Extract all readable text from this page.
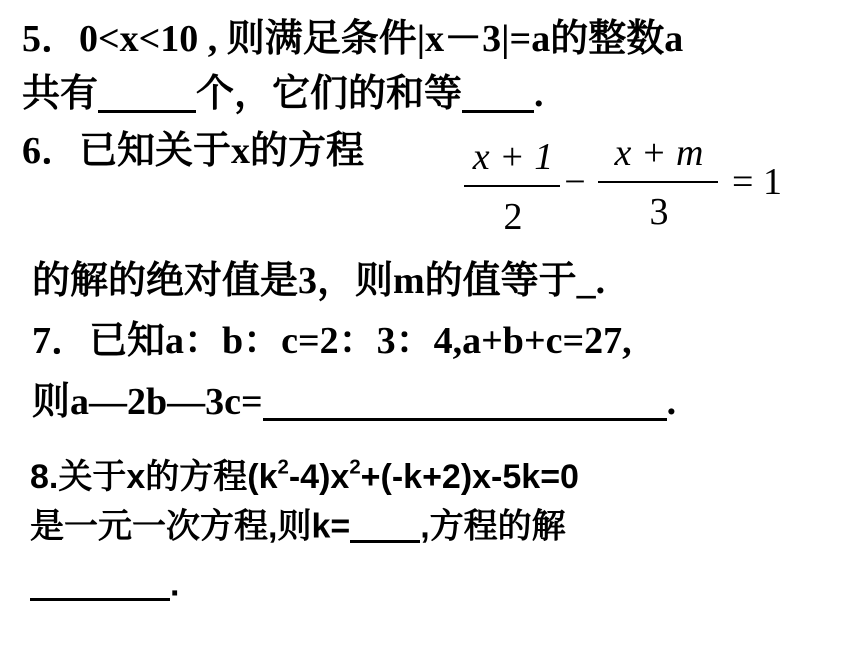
5．0<x<10 , 则满足条件|x－3|=a的整数a
共有	个，它们的和等 .
6．已知关于x的方程	x + 1
2
−
x + m
3
= 1
的解的绝对值是3，则m的值等于_.
7．已知a：b：c=2：3：4,a+b+c=27,
则a—2b—3c=	.
8.关于x的方程$(k^2-4)x^2+(-k+2)x-5k=0$
是一元一次方程,则k= ,方程的解
.
